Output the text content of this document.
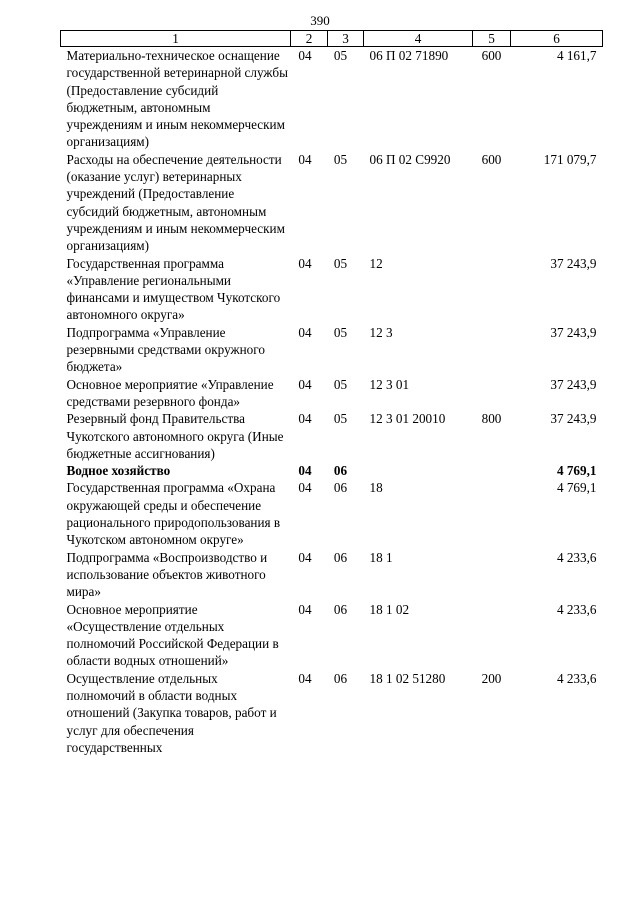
390
1	2	3	4	5	6
Материально-техническое оснащение государственной ветеринарной службы (Предоставление субсидий бюджетным, автономным учреждениям и иным некоммерческим организациям)	04	05	06 П 02 71890	600	4 161,7
Расходы на обеспечение деятельности (оказание услуг) ветеринарных учреждений (Предоставление субсидий бюджетным, автономным учреждениям и иным некоммерческим организациям)	04	05	06 П 02 С9920	600	171 079,7
Государственная программа «Управление региональными финансами и имуществом Чукотского автономного округа»	04	05	12		37 243,9
Подпрограмма «Управление резервными средствами окружного бюджета»	04	05	12 3		37 243,9
Основное мероприятие «Управление средствами резервного фонда»	04	05	12 3 01		37 243,9
Резервный фонд Правительства Чукотского автономного округа (Иные бюджетные ассигнования)	04	05	12 3 01 20010	800	37 243,9
Водное хозяйство	04	06			4 769,1
Государственная программа «Охрана окружающей среды и обеспечение рационального природопользования в Чукотском автономном округе»	04	06	18		4 769,1
Подпрограмма «Воспроизводство и использование объектов животного мира»	04	06	18 1		4 233,6
Основное мероприятие «Осуществление отдельных полномочий Российской Федерации в области водных отношений»	04	06	18 1 02		4 233,6
Осуществление отдельных полномочий в области водных отношений (Закупка товаров, работ и услуг для обеспечения государственных	04	06	18 1 02 51280	200	4 233,6
